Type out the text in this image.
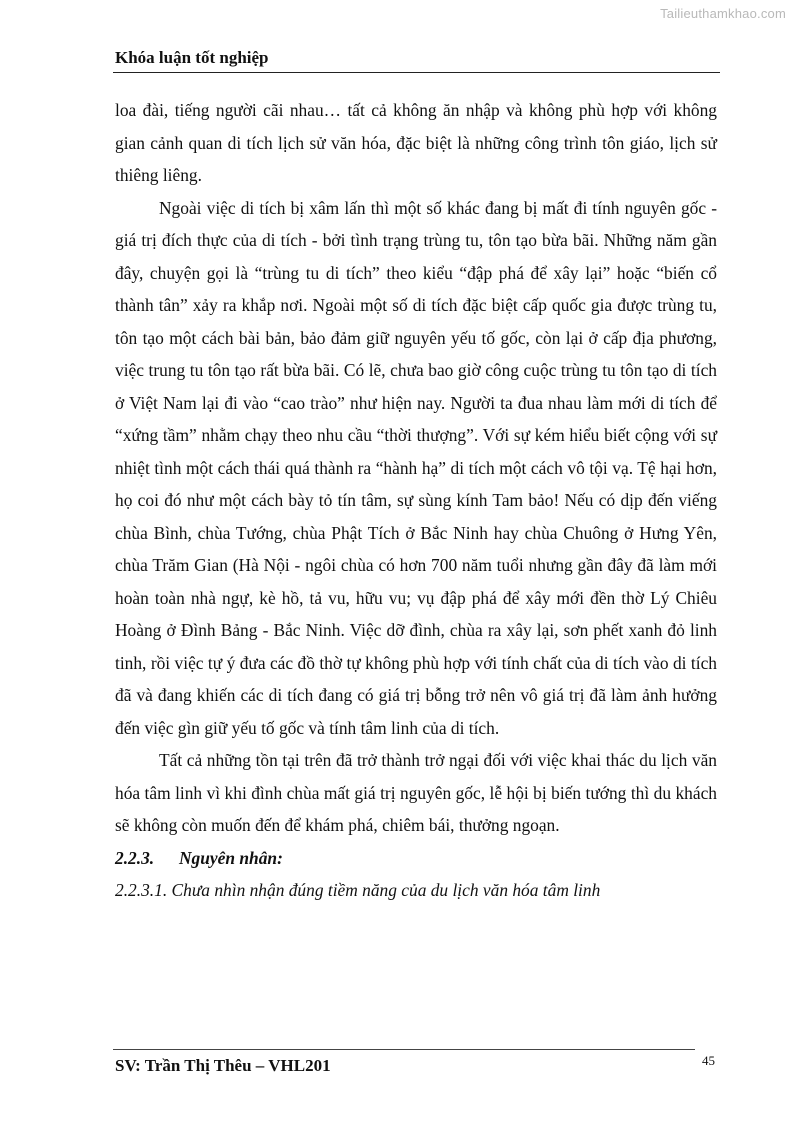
Tailieuthamkhao.com
Khóa luận tốt nghiệp

loa đài, tiếng người cãi nhau… tất cả không ăn nhập và không phù hợp với không gian cảnh quan di tích lịch sử văn hóa, đặc biệt là những công trình tôn giáo, lịch sử thiêng liêng.

Ngoài việc di tích bị xâm lấn thì một số khác đang bị mất đi tính nguyên gốc - giá trị đích thực của di tích - bởi tình trạng trùng tu, tôn tạo bừa bãi. Những năm gần đây, chuyện gọi là “trùng tu di tích” theo kiểu “đập phá để xây lại” hoặc “biến cổ thành tân” xảy ra khắp nơi. Ngoài một số di tích đặc biệt cấp quốc gia được trùng tu, tôn tạo một cách bài bản, bảo đảm giữ nguyên yếu tố gốc, còn lại ở cấp địa phương, việc trung tu tôn tạo rất bừa bãi. Có lẽ, chưa bao giờ công cuộc trùng tu tôn tạo di tích ở Việt Nam lại đi vào “cao trào” như hiện nay. Người ta đua nhau làm mới di tích để “xứng tầm” nhằm chạy theo nhu cầu “thời thượng”. Với sự kém hiểu biết cộng với sự nhiệt tình một cách thái quá thành ra “hành hạ” di tích một cách vô tội vạ. Tệ hại hơn, họ coi đó như một cách bày tỏ tín tâm, sự sùng kính Tam bảo! Nếu có dịp đến viếng chùa Bình, chùa Tướng, chùa Phật Tích ở Bắc Ninh hay chùa Chuông ở Hưng Yên, chùa Trăm Gian (Hà Nội - ngôi chùa có hơn 700 năm tuổi nhưng gần đây đã làm mới hoàn toàn nhà ngự, kè hồ, tả vu, hữu vu; vụ đập phá để xây mới đền thờ Lý Chiêu Hoàng ở Đình Bảng - Bắc Ninh. Việc dỡ đình, chùa ra xây lại, sơn phết xanh đỏ linh tinh, rồi việc tự ý đưa các đồ thờ tự không phù hợp với tính chất của di tích vào di tích đã và đang khiến các di tích đang có giá trị bỗng trở nên vô giá trị đã làm ảnh hưởng đến việc gìn giữ yếu tố gốc và tính tâm linh của di tích.

Tất cả những tồn tại trên đã trở thành trở ngại đối với việc khai thác du lịch văn hóa tâm linh vì khi đình chùa mất giá trị nguyên gốc, lễ hội bị biến tướng thì du khách sẽ không còn muốn đến để khám phá, chiêm bái, thưởng ngoạn.

2.2.3. Nguyên nhân:

2.2.3.1. Chưa nhìn nhận đúng tiềm năng của du lịch văn hóa tâm linh

45
SV: Trần Thị Thêu – VHL201
